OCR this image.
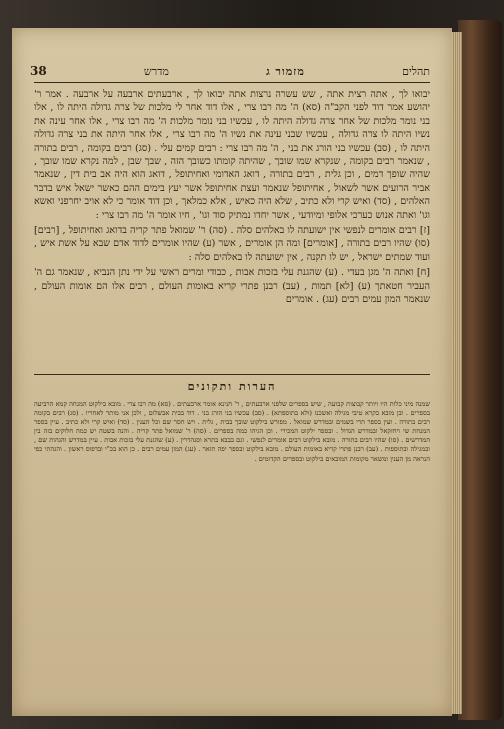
תהלים
מזמור ג
מדרש
38

יבואו לך , אתה רצית אתה , שש עשרה נרצות אתה יבואו לך , ארבעתים ארבעה על ארבעה . אמר ר' יהושע אמר דוד לפני הקב"ה (סא) ה' מה רבו צרי , אלו דוד אחר לי מלכות של צרה גדולה היתה לו , אלו בני נומר מלכות של אחר צרה גדולה היתה לו , עכשיו בני נומר מלכות ה' מה רבו צרי , אלו אחר עינה את נשיו היתה לו צרה גדולה , עכשיו שבני עינה את נשיו ה' מה רבו צרי , אלו אחר היתה את בני צרה גדולה היתה לו , (סב) עכשיו בני הורג את בני , ה' מה רבו צרי : רבים קמים עלי . (סג) רבים בקומה , רבים בתורה , שנאמר רבים בקומה , שנקרא שמו שובך , שהיתה קומתו כשובך הזה , שבך שבן , למה נקרא שמו שובך , שהיה שופך דמים , וכן גלית , רבים בתורה , דואג האדומי ואחיתופל , דואג הוא היה אב בית דין , שנאמר אביר הרועים אשר לשאול , אחיתופל שנאמר ועצת אחיתופל אשר יעץ בימים ההם כאשר ישאל איש בדבר האלהים , (סד) ואיש קרי ולא כתיב , שלא היה כאיש , אלא כמלאך , וכן דוד אומר כי לא אויב יחרפני ואשא וגו' ואתה אנוש כערכי אלופי ומיודעי , אשר יחדו נמתיק סוד וגו' , חיו אומר ה' מה רבו צרי :

[ז] רבים אומרים לנפשי אין ישועתה לו באלהים סלה . (סה) ר' שמואל פתר קריה בדואג ואחיתופל , [רבים] (סו) שהיו רבים בתורה , [אומרים] ומה הן אומרים , אשר (ע) שהיו אומרים לדוד אדם שבא על אשת איש , ועוד שמתים ישראל , יש לו תקנה , אין ישועתה לו באלהים סלה :

[ח] ואתה ה' מגן בעדי . (ע) שהגנת עלי בזכות אבות , כבודי ומרים ראשי על ידי נתן הנביא , שנאמר גם ה' העביר חטאתך (ע) [לא] תמות , (עב) רבנן פתרי קריא באומות העולם , רבים אלו הם אומות העולם , שנאמר המון עמים רבים (עג) . אומרים

הערות ותקונים
שמנה מיני כלות היו ויותר קבוצות קבועה , שיש בספרים שלפני ארבעתים , ר' חנינא אומר ארבעתים . (סא) מה רבו צרי . מובא בילקוט המנחה קמא הרביעה בספרים . ובן מובא בקרא טיבי מגילה ואשכנז (ולא בתוספתא) . (סב) עכשיו בני הורג בני . דוד בבית אבשלום , ולכן אני מותר לאחריו . (סג) רבים בקומה רבים בתורה . ועין בספר הרי בשמים ובמדרש שמואל . מפורש בילקוט שובך בבית , גלית . ויש חסר שם וכל הענין . (סד) ואיש קרי ולא כתיב . עיין בספר המנחת שי ויחזקאל ובמדרש הגדול . ובספר ילקוט המכירי . וכן הגיהו כמה בספרים . (סה) ר' שמואל פתר קריה . והנה בשטה יש כמה חלוקים בזה בין המדרשים . (סו) שהיו רבים בתורה . מובא בילקוט רבים אומרים לנפשי . וגם בבבא בתרא וסנהדרין . (ע) שהגנת עלי בזכות אבות . עיין במדרש והגהות שם , ובמגילה ובתוספות . (עב) רבנן פתרי קריא באומות העולם . מובא בילקוט ובספר יפה תואר . (עג) המון עמים רבים . כן הוא בכ"י ובדפוס ראשון . והגהתי כפי הנראה מן הענין ומשאר מקומות המובאים בילקוט ובספרים הקדומים .
